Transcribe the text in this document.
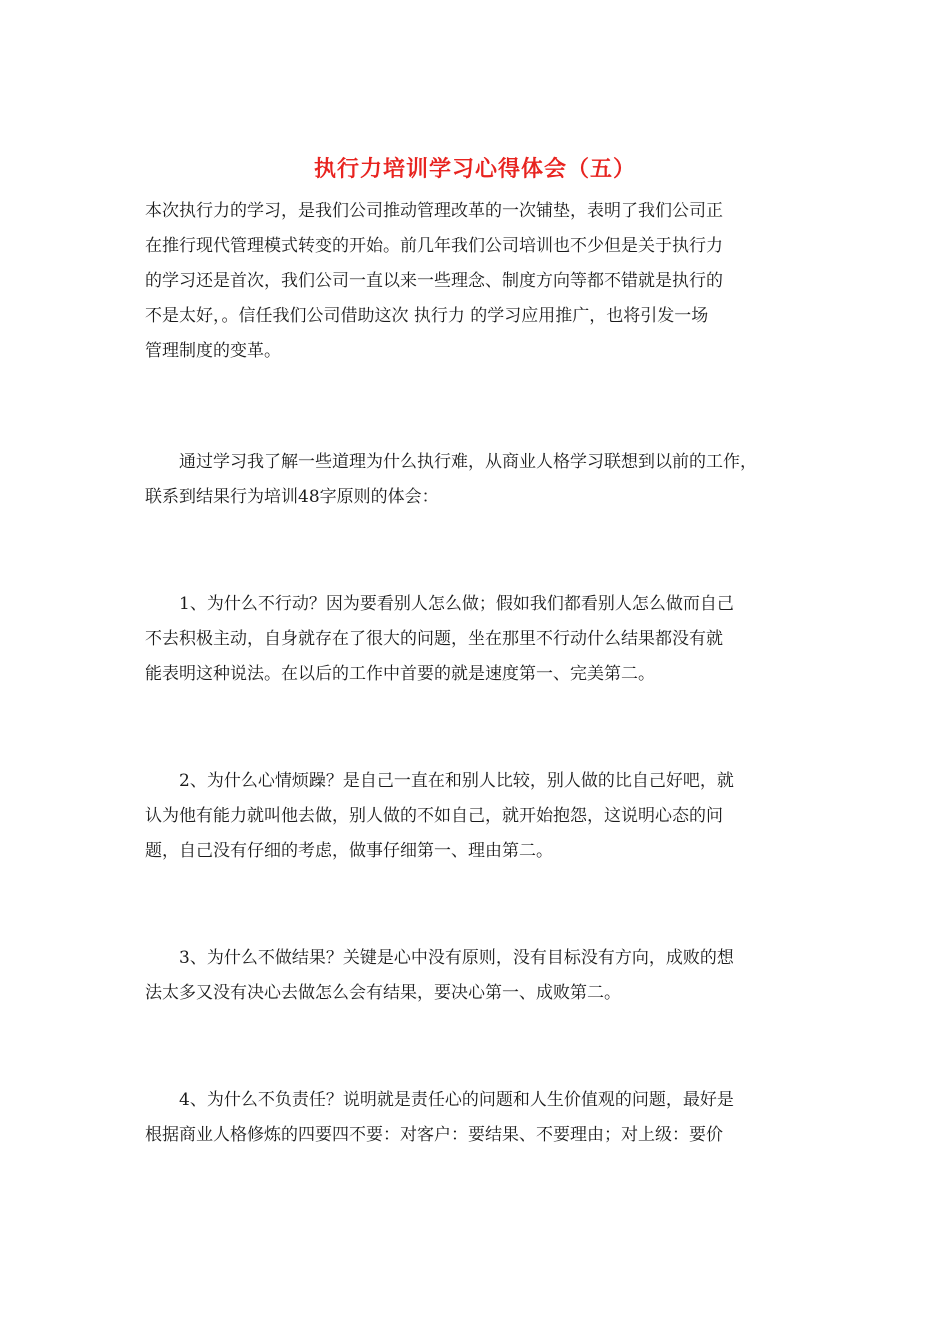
执行力培训学习心得体会（五）

本次执行力的学习，是我们公司推动管理改革的一次铺垫，表明了我们公司正
在推行现代管理模式转变的开始。前几年我们公司培训也不少但是关于执行力
的学习还是首次，我们公司一直以来一些理念、制度方向等都不错就是执行的
不是太好，。信任我们公司借助这次 执行力 的学习应用推广，也将引发一场
管理制度的变革。

　　通过学习我了解一些道理为什么执行难，从商业人格学习联想到以前的工作，
联系到结果行为培训48字原则的体会：

　　1、为什么不行动？因为要看别人怎么做；假如我们都看别人怎么做而自己
不去积极主动，自身就存在了很大的问题，坐在那里不行动什么结果都没有就
能表明这种说法。在以后的工作中首要的就是速度第一、完美第二。

　　2、为什么心情烦躁？是自己一直在和别人比较，别人做的比自己好吧，就
认为他有能力就叫他去做，别人做的不如自己，就开始抱怨，这说明心态的问
题，自己没有仔细的考虑，做事仔细第一、理由第二。

　　3、为什么不做结果？关键是心中没有原则，没有目标没有方向，成败的想
法太多又没有决心去做怎么会有结果，要决心第一、成败第二。

　　4、为什么不负责任？说明就是责任心的问题和人生价值观的问题，最好是
根据商业人格修炼的四要四不要：对客户：要结果、不要理由；对上级：要价
